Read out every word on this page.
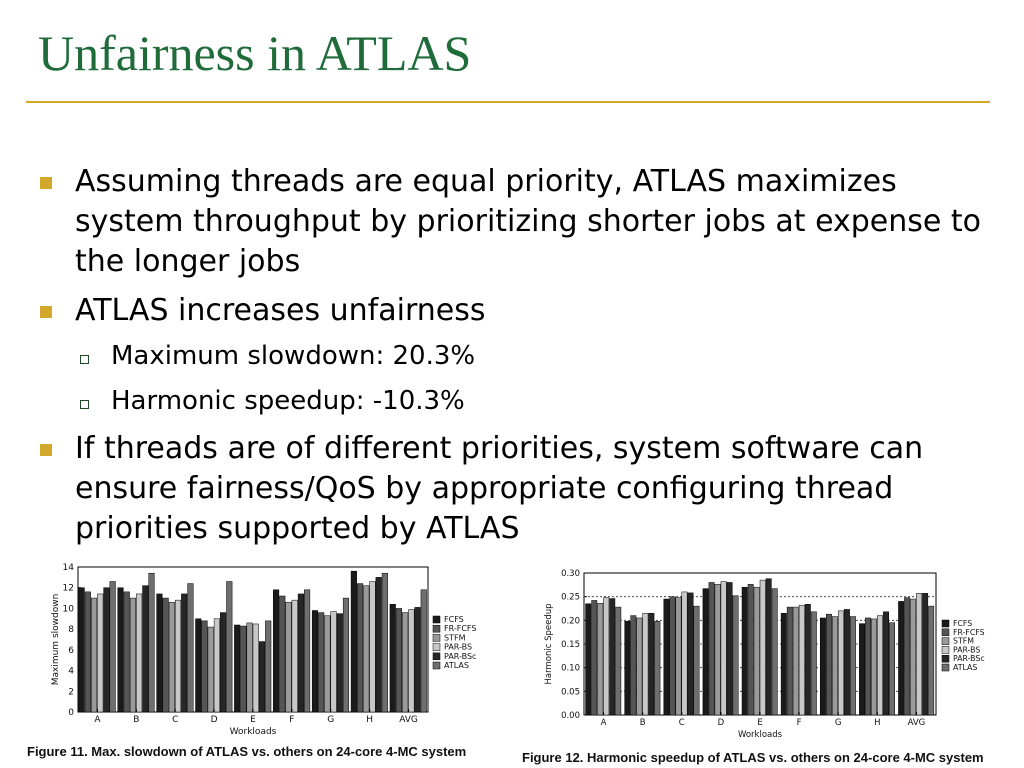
Unfairness in ATLAS
Assuming threads are equal priority, ATLAS maximizes system throughput by prioritizing shorter jobs at expense to the longer jobs
ATLAS increases unfairness
Maximum slowdown: 20.3%
Harmonic speedup: -10.3%
If threads are of different priorities, system software can ensure fairness/QoS by appropriate configuring thread priorities supported by ATLAS
0
2
4
6
8
10
12
14
A	B	C	D	E	F	G	H	AVG
Workloads
Maximum slowdown	FCFS
FR-FCFS
STFM
PAR-BS
PAR-BSc
ATLAS
Figure 11. Max. slowdown of ATLAS vs. others on 24-core 4-MC system
0.00
0.05
0.10
0.15
0.20
0.25
0.30
A	B	C	D	E	F	G	H	AVG
Workloads
Harmonic Speedup	FCFS
FR-FCFS
STFM
PAR-BS
PAR-BSc
ATLAS
Figure 12. Harmonic speedup of ATLAS vs. others on 24-core 4-MC system
